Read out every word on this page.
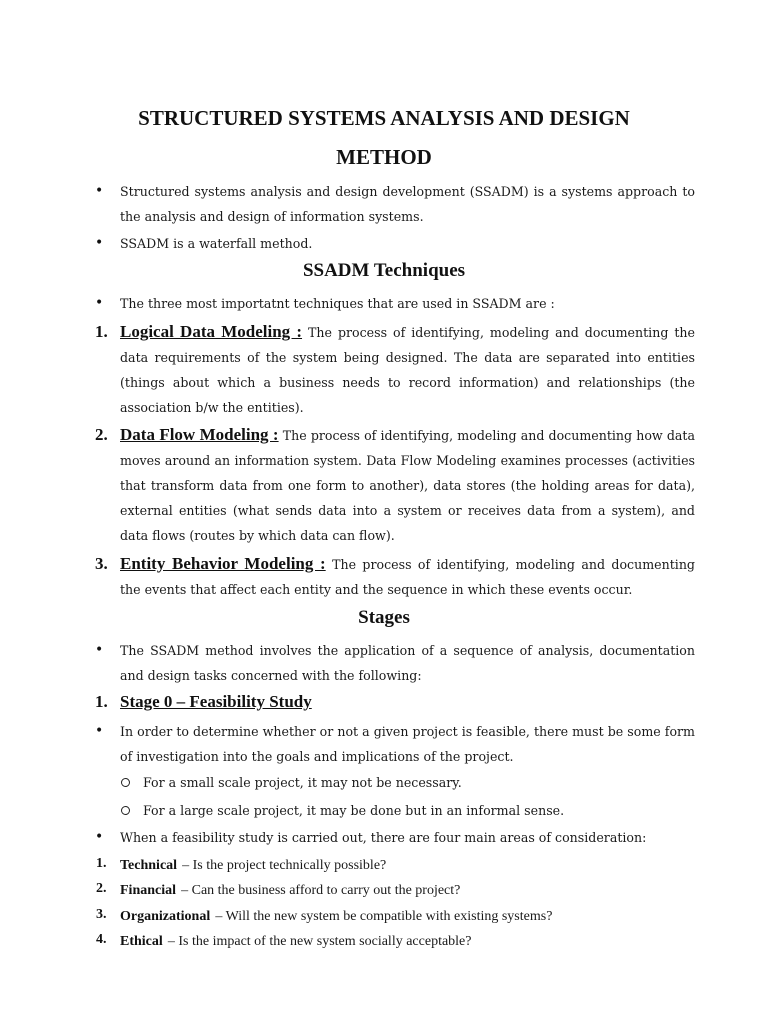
STRUCTURED SYSTEMS ANALYSIS AND DESIGN
METHOD
• Structured systems analysis and design development (SSADM) is a systems approach to the analysis and design of information systems.
• SSADM is a waterfall method.
SSADM Techniques
• The three most importatnt techniques that are used in SSADM are :
1. Logical Data Modeling : The process of identifying, modeling and documenting the data requirements of the system being designed. The data are separated into entities (things about which a business needs to record information) and relationships (the association b/w the entities).
2. Data Flow Modeling : The process of identifying, modeling and documenting how data moves around an information system. Data Flow Modeling examines processes (activities that transform data from one form to another), data stores (the holding areas for data), external entities (what sends data into a system or receives data from a system), and data flows (routes by which data can flow).
3. Entity Behavior Modeling : The process of identifying, modeling and documenting the events that affect each entity and the sequence in which these events occur.
Stages
• The SSADM method involves the application of a sequence of analysis, documentation and design tasks concerned with the following:
1. Stage 0 – Feasibility Study
• In order to determine whether or not a given project is feasible, there must be some form of investigation into the goals and implications of the project.
For a small scale project, it may not be necessary.
For a large scale project, it may be done but in an informal sense.
• When a feasibility study is carried out, there are four main areas of consideration:
1. Technical – Is the project technically possible?
2. Financial – Can the business afford to carry out the project?
3. Organizational – Will the new system be compatible with existing systems?
4. Ethical – Is the impact of the new system socially acceptable?
